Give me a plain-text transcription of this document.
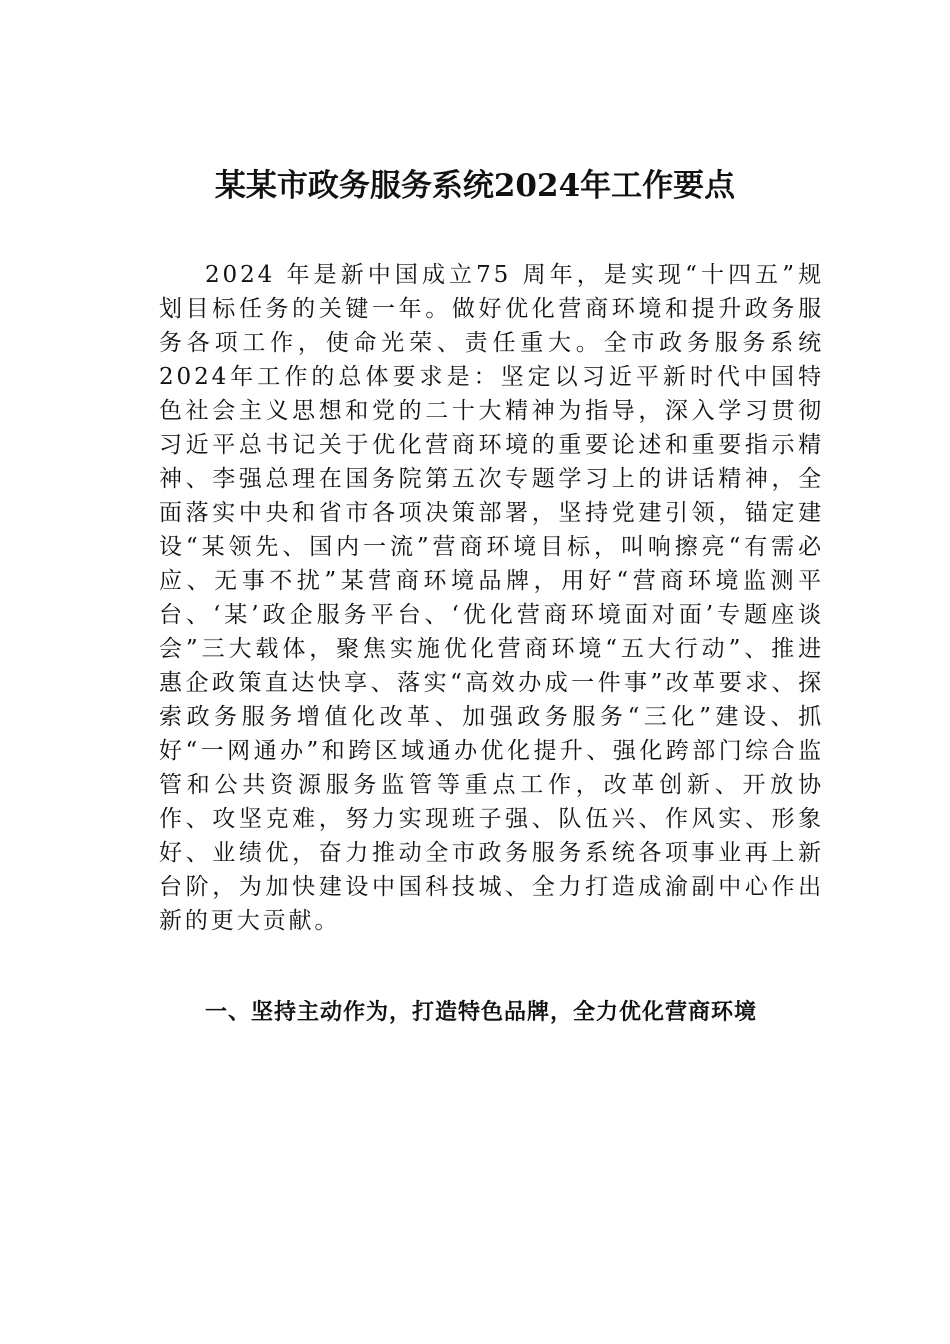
某某市政务服务系统2024年工作要点

2024 年是新中国成立75 周年，是实现“十四五”规划目标任务的关键一年。做好优化营商环境和提升政务服务各项工作，使命光荣、责任重大。全市政务服务系统2024年工作的总体要求是：坚定以习近平新时代中国特色社会主义思想和党的二十大精神为指导，深入学习贯彻习近平总书记关于优化营商环境的重要论述和重要指示精神、李强总理在国务院第五次专题学习上的讲话精神，全面落实中央和省市各项决策部署，坚持党建引领，锚定建设“某领先、国内一流”营商环境目标，叫响擦亮“有需必应、无事不扰”某营商环境品牌，用好“营商环境监测平台、‘某’政企服务平台、‘优化营商环境面对面’专题座谈会”三大载体，聚焦实施优化营商环境“五大行动”、推进惠企政策直达快享、落实“高效办成一件事”改革要求、探索政务服务增值化改革、加强政务服务“三化”建设、抓好“一网通办”和跨区域通办优化提升、强化跨部门综合监管和公共资源服务监管等重点工作，改革创新、开放协作、攻坚克难，努力实现班子强、队伍兴、作风实、形象好、业绩优，奋力推动全市政务服务系统各项事业再上新台阶，为加快建设中国科技城、全力打造成渝副中心作出新的更大贡献。

一、坚持主动作为，打造特色品牌，全力优化营商环境
